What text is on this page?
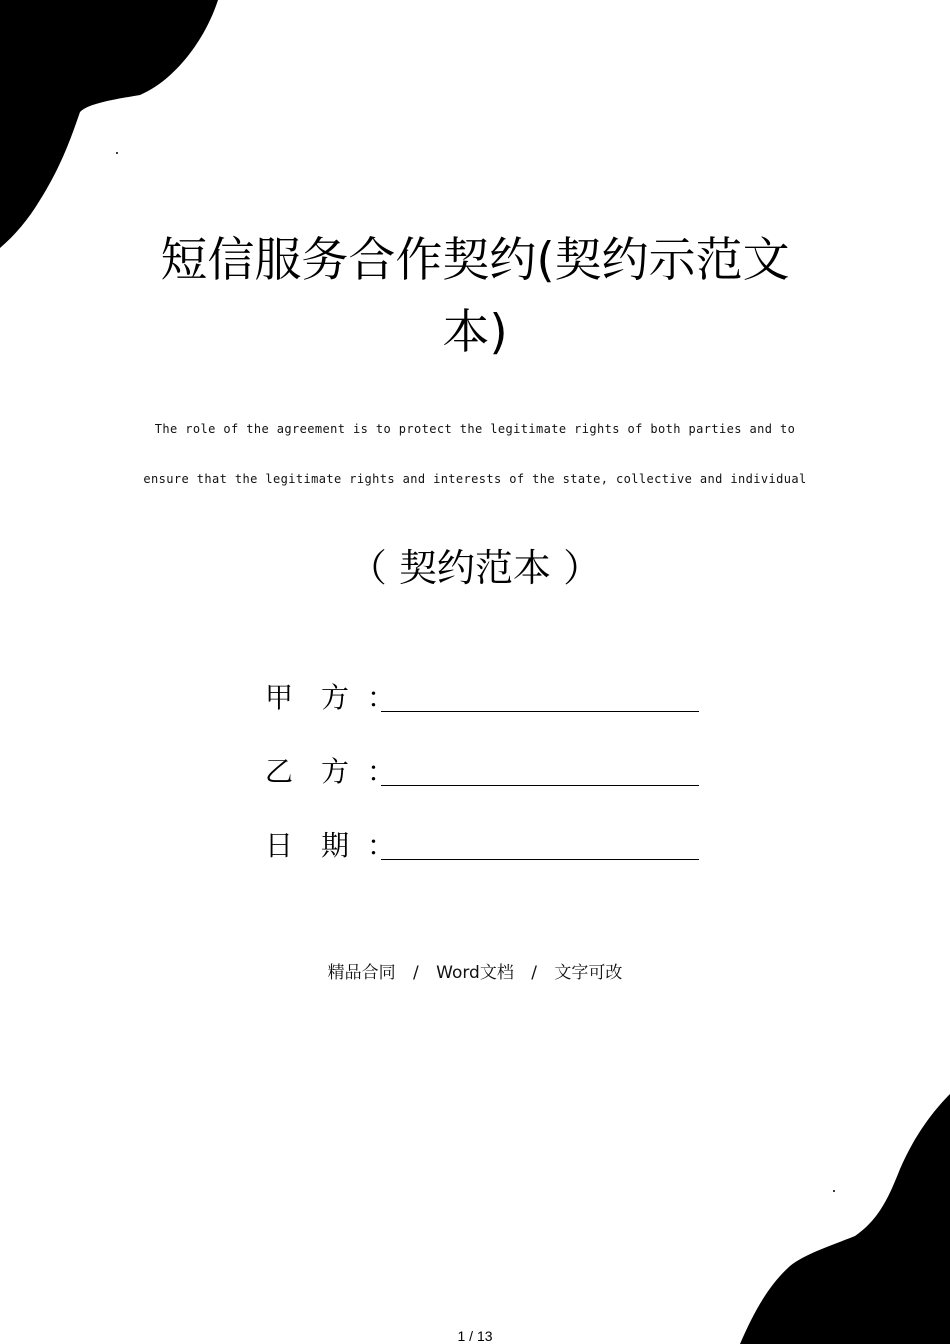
短信服务合作契约(契约示范文
本)
The role of the agreement is to protect the legitimate rights of both parties and to
ensure that the legitimate rights and interests of the state, collective and individual
（ 契约范本 ）
甲 方 ：
乙 方 ：
日 期 ：
精品合同 / Word文档 / 文字可改
1 / 13
